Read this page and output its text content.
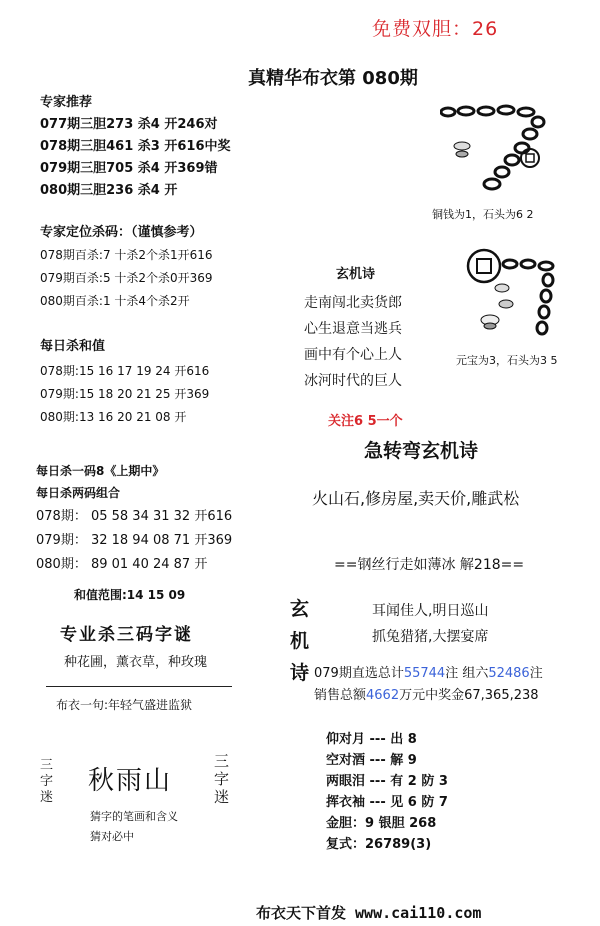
免费双胆：26
真精华布衣第 080期
专家推荐
077期三胆273 杀4 开246对
078期三胆461 杀3 开616中奖
079期三胆705 杀4 开369错
080期三胆236 杀4 开
专家定位杀码：（谨慎参考）
078期百杀:7 十杀2个杀1开616
079期百杀:5 十杀2个杀0开369
080期百杀:1 十杀4个杀2开
每日杀和值
078期:15 16 17 19 24 开616
079期:15 18 20 21 25 开369
080期:13 16 20 21 08 开
每日杀一码8《上期中》
每日杀两码组合
078期： 05 58 34 31 32 开616
079期： 32 18 94 08 71 开369
080期： 89 01 40 24 87 开
和值范围:14 15 09
专业杀三码字谜
种花圃，薰衣草，种玫瑰
布衣一句:年轻气盛进监狱
三字迷
秋雨山
三字迷
猜字的笔画和含义
猜对必中
铜钱为1，石头为6 2
玄机诗
走南闯北卖货郎
心生退意当逃兵
画中有个心上人
冰河时代的巨人
元宝为3，石头为3 5
关注6 5一个
急转弯玄机诗
火山石,修房屋,卖天价,雕武松
==钢丝行走如薄冰 解218==
玄
机
诗
耳闻佳人,明日巡山
抓兔猎猪,大摆宴席
079期直选总计55744注 组六52486注
销售总额4662万元中奖金67,365,238
仰对月 --- 出 8
空对酒 --- 解 9
两眼泪 --- 有 2 防 3
挥衣袖 --- 见 6 防 7
金胆：9 银胆 268
复式：26789(3)
布衣天下首发 www.cai110.com
